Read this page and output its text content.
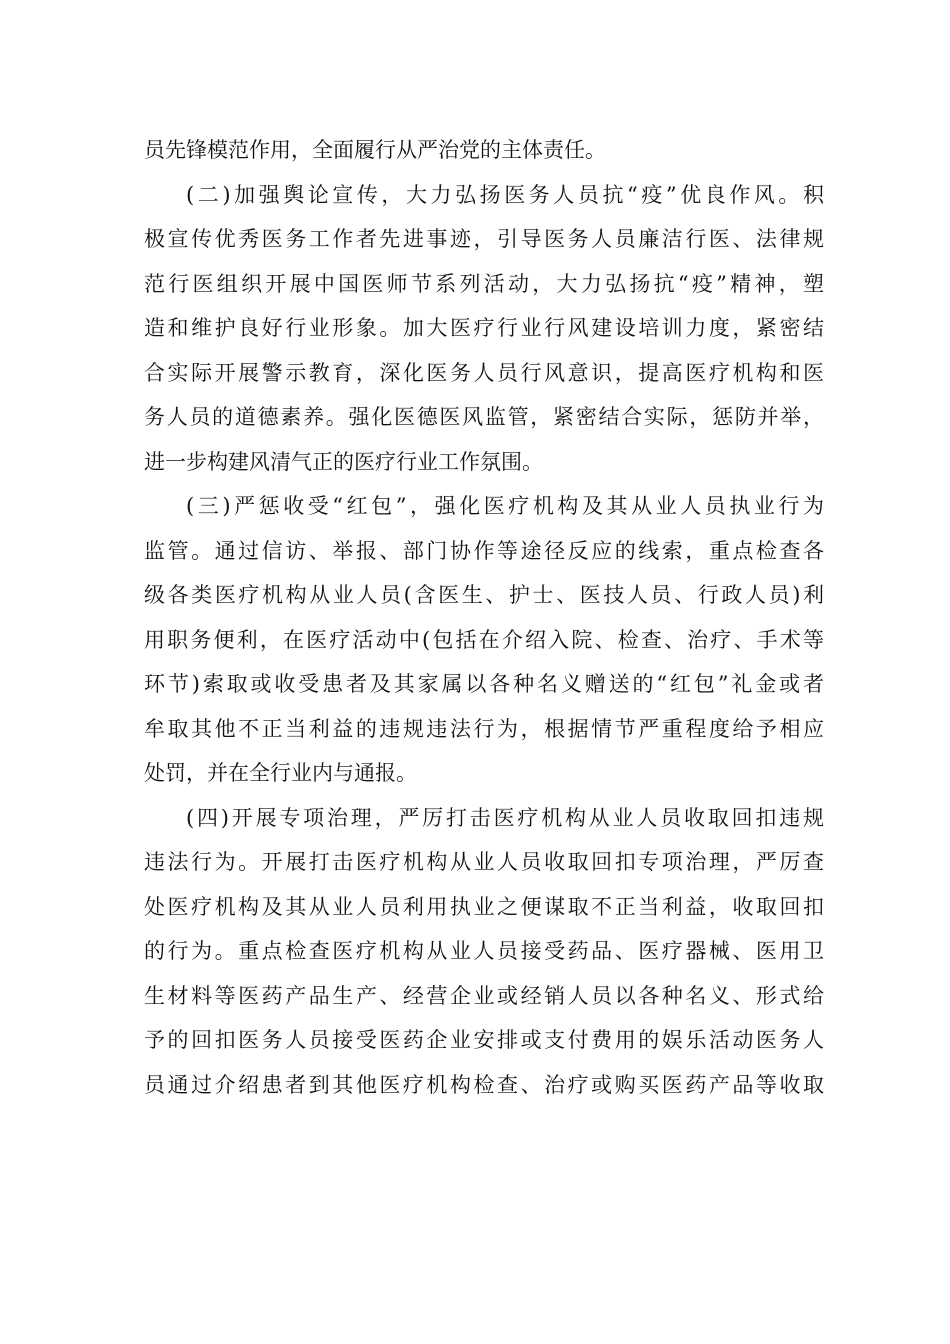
员先锋模范作用，全面履行从严治党的主体责任。
(二)加强舆论宣传，大力弘扬医务人员抗“疫”优良作风。积
极宣传优秀医务工作者先进事迹，引导医务人员廉洁行医、法律规
范行医组织开展中国医师节系列活动，大力弘扬抗“疫”精神，塑
造和维护良好行业形象。加大医疗行业行风建设培训力度，紧密结
合实际开展警示教育，深化医务人员行风意识，提高医疗机构和医
务人员的道德素养。强化医德医风监管，紧密结合实际，惩防并举，
进一步构建风清气正的医疗行业工作氛围。
(三)严惩收受“红包”，强化医疗机构及其从业人员执业行为
监管。通过信访、举报、部门协作等途径反应的线索，重点检查各
级各类医疗机构从业人员(含医生、护士、医技人员、行政人员)利
用职务便利，在医疗活动中(包括在介绍入院、检查、治疗、手术等
环节)索取或收受患者及其家属以各种名义赠送的“红包”礼金或者
牟取其他不正当利益的违规违法行为，根据情节严重程度给予相应
处罚，并在全行业内与通报。
(四)开展专项治理，严厉打击医疗机构从业人员收取回扣违规
违法行为。开展打击医疗机构从业人员收取回扣专项治理，严厉查
处医疗机构及其从业人员利用执业之便谋取不正当利益，收取回扣
的行为。重点检查医疗机构从业人员接受药品、医疗器械、医用卫
生材料等医药产品生产、经营企业或经销人员以各种名义、形式给
予的回扣医务人员接受医药企业安排或支付费用的娱乐活动医务人
员通过介绍患者到其他医疗机构检查、治疗或购买医药产品等收取
